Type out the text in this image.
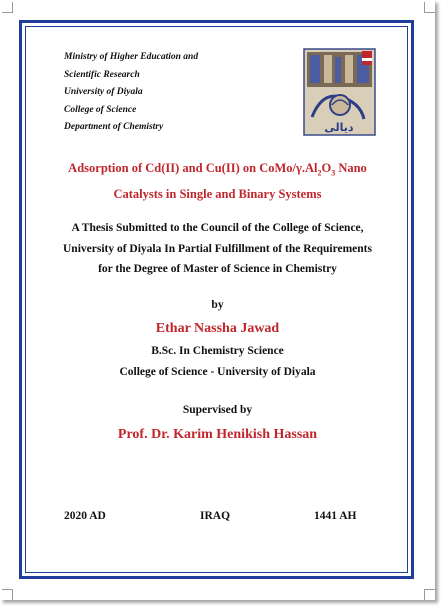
Ministry of Higher Education and
Scientific Research
University of Diyala
College of Science
Department of Chemistry	ديالى
Adsorption of Cd(II) and Cu(II) on CoMo/$\gamma.Al_2O_3$ Nano
Catalysts in Single and Binary Systems
A Thesis Submitted to the Council of the College of Science,
University of Diyala In Partial Fulfillment of the Requirements
for the Degree of Master of Science in Chemistry
by
Ethar Nassha Jawad
B.Sc. In Chemistry Science
College of Science - University of Diyala
Supervised by
Prof. Dr. Karim Henikish Hassan
2020 AD	IRAQ	1441 AH
